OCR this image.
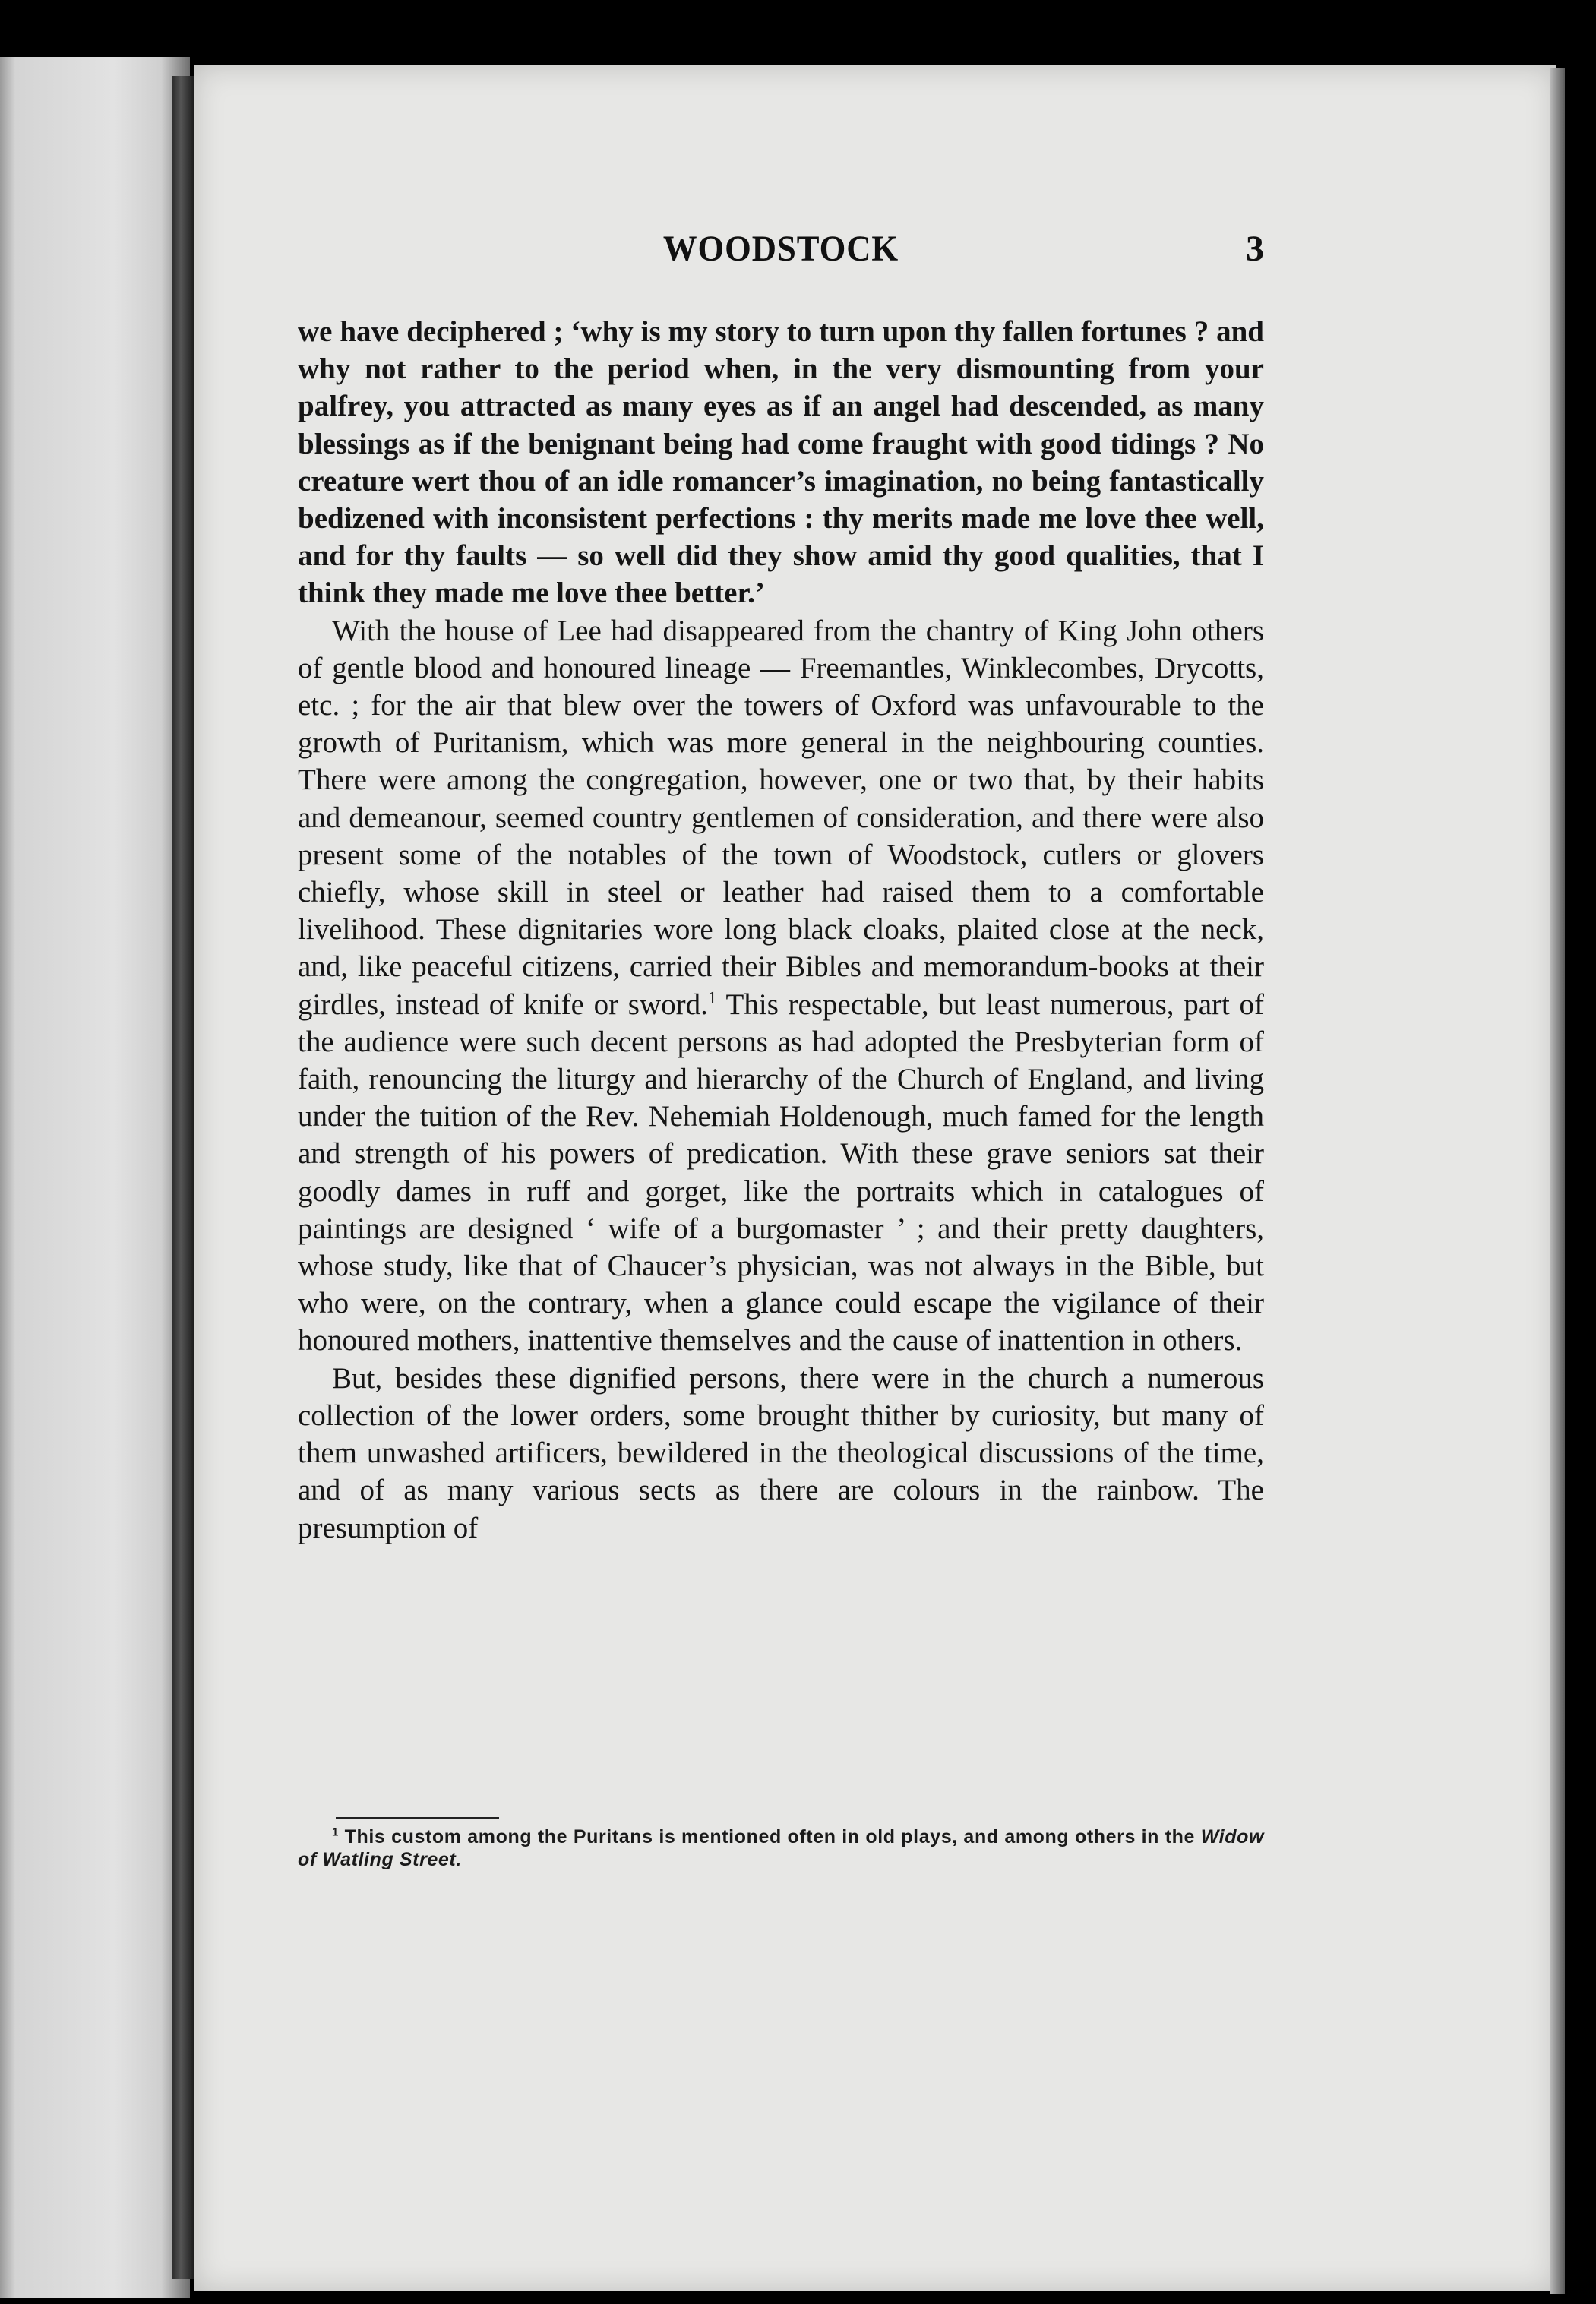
WOODSTOCK	3

we have deciphered ; ‘why is my story to turn upon thy fallen fortunes ? and why not rather to the period when, in the very dismounting from your palfrey, you attracted as many eyes as if an angel had descended, as many blessings as if the benignant being had come fraught with good tidings ? No creature wert thou of an idle romancer’s imagination, no being fantastically bedizened with inconsistent perfections : thy merits made me love thee well, and for thy faults — so well did they show amid thy good qualities, that I think they made me love thee better.’

With the house of Lee had disappeared from the chantry of King John others of gentle blood and honoured lineage — Freemantles, Winklecombes, Drycotts, etc. ; for the air that blew over the towers of Oxford was unfavourable to the growth of Puritanism, which was more general in the neighbouring counties. There were among the congregation, however, one or two that, by their habits and demeanour, seemed country gentlemen of consideration, and there were also present some of the notables of the town of Woodstock, cutlers or glovers chiefly, whose skill in steel or leather had raised them to a comfortable livelihood. These dignitaries wore long black cloaks, plaited close at the neck, and, like peaceful citizens, carried their Bibles and memorandum-books at their girdles, instead of knife or sword.$^1$ This respectable, but least numerous, part of the audience were such decent persons as had adopted the Presbyterian form of faith, renouncing the liturgy and hierarchy of the Church of England, and living under the tuition of the Rev. Nehemiah Holdenough, much famed for the length and strength of his powers of predication. With these grave seniors sat their goodly dames in ruff and gorget, like the portraits which in catalogues of paintings are designed ‘ wife of a burgomaster ’ ; and their pretty daughters, whose study, like that of Chaucer’s physician, was not always in the Bible, but who were, on the contrary, when a glance could escape the vigilance of their honoured mothers, inattentive themselves and the cause of inattention in others.

But, besides these dignified persons, there were in the church a numerous collection of the lower orders, some brought thither by curiosity, but many of them unwashed artificers, bewildered in the theological discussions of the time, and of as many various sects as there are colours in the rainbow. The presumption of

$^1$ This custom among the Puritans is mentioned often in old plays, and among others in the Widow of Watling Street.
